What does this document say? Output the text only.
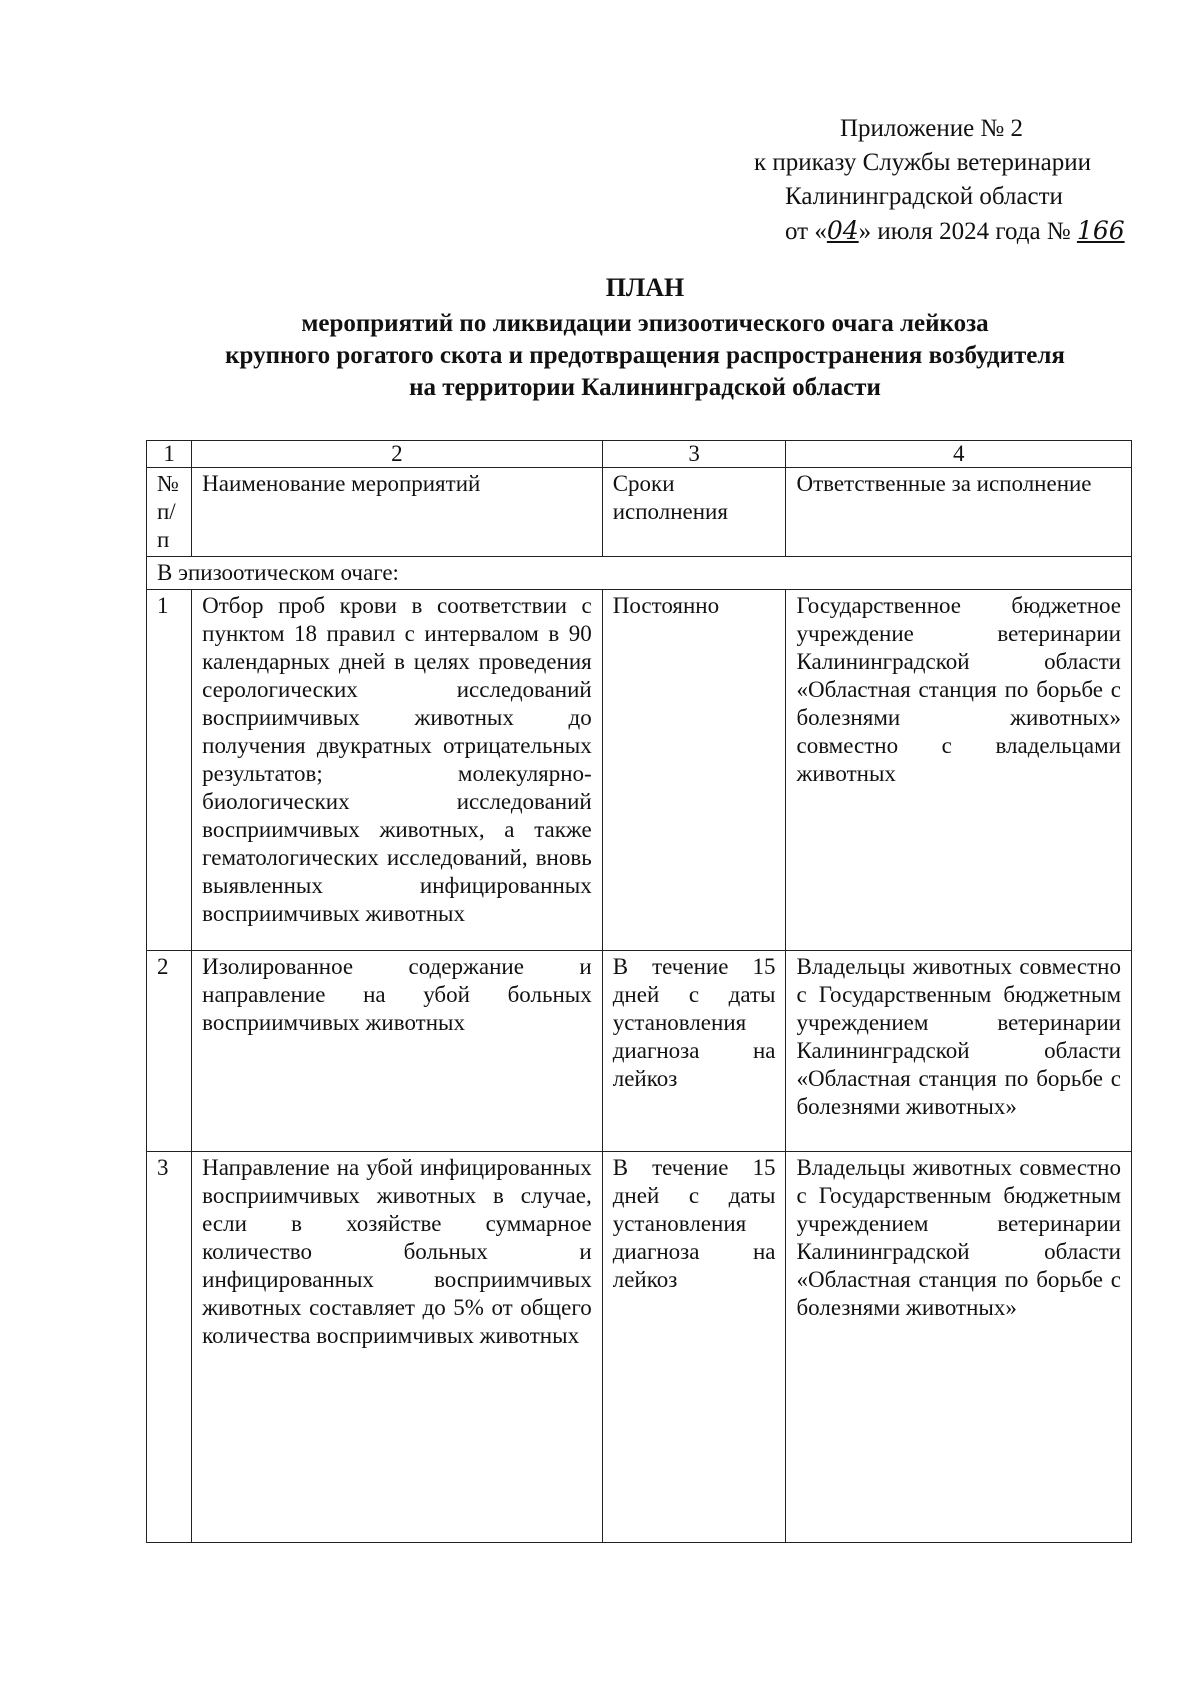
Приложение № 2
к приказу Службы ветеринарии
Калининградской области
от «04» июля 2024 года № 166
ПЛАН
мероприятий по ликвидации эпизоотического очага лейкоза
крупного рогатого скота и предотвращения распространения возбудителя
на территории Калининградской области
1	2	3	4
№ п/п	Наименование мероприятий	Сроки исполнения	Ответственные за исполнение
В эпизоотическом очаге:			
1	Отбор проб крови в соответствии с пунктом 18 правил с интервалом в 90 календарных дней в целях проведения серологических исследований восприимчивых животных до получения двукратных отрицательных результатов; молекулярно-биологических исследований восприимчивых животных, а также гематологических исследований, вновь выявленных инфицированных восприимчивых животных	Постоянно	Государственное бюджетное учреждение ветеринарии Калининградской области «Областная станция по борьбе с болезнями животных» совместно с владельцами животных
2	Изолированное содержание и направление на убой больных восприимчивых животных	В течение 15 дней с даты установления диагноза на лейкоз	Владельцы животных совместно с Государственным бюджетным учреждением ветеринарии Калининградской области «Областная станция по борьбе с болезнями животных»
3	Направление на убой инфицированных восприимчивых животных в случае, если в хозяйстве суммарное количество больных и инфицированных восприимчивых животных составляет до 5% от общего количества восприимчивых животных	В течение 15 дней с даты установления диагноза на лейкоз	Владельцы животных совместно с Государственным бюджетным учреждением ветеринарии Калининградской области «Областная станция по борьбе с болезнями животных»
